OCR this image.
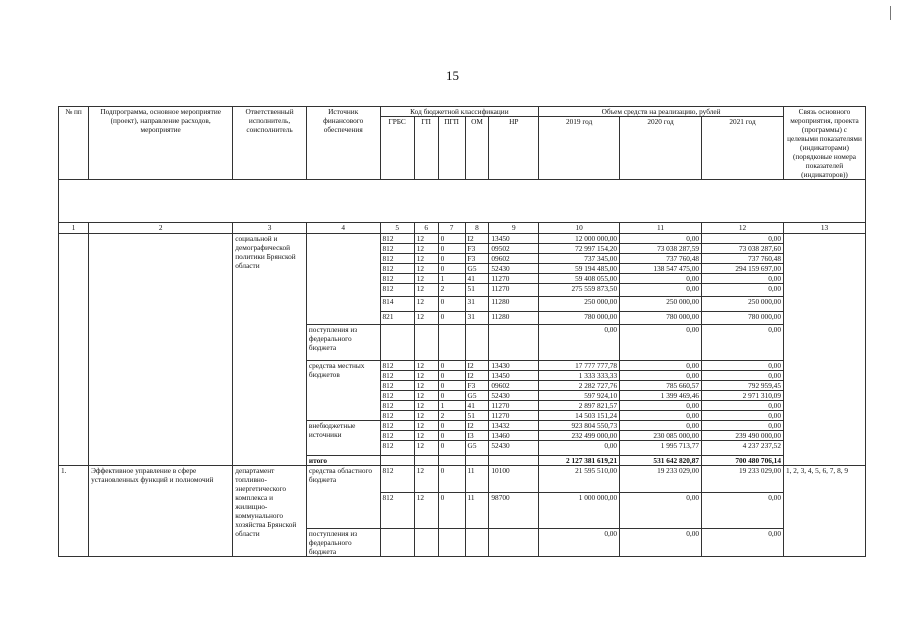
15
№ пп	Подпрограмма, основное мероприятие (проект), направление расходов, мероприятие	Ответственный исполнитель, соисполнитель	Источник финансового обеспечения	Код бюджетной классификации					Объем средств на реализацию, рублей			Связь основного мероприятия, проекта (программы) с целевыми показателями (индикаторами) (порядковые номера показателей (индикаторов))

				ГРБС	ГП	ПГП	ОМ	НР	2019 год	2020 год	2021 год	

1	2	3	4	5	6	7	8	9	10	11	12	13
		социальной и демографической политики Брянской области		812	12	0	I2	13450	12 000 000,00	0,00	0,00	
				812	12	0	F3	09502	72 997 154,20	73 038 287,59	73 038 287,60	
				812	12	0	F3	09602	737 345,00	737 760,48	737 760,48	
				812	12	0	G5	52430	59 194 485,00	138 547 475,00	294 159 697,00	
				812	12	1	41	11270	59 408 055,00	0,00	0,00	
				812	12	2	51	11270	275 559 873,50	0,00	0,00	
				814	12	0	31	11280	250 000,00	250 000,00	250 000,00	
				821	12	0	31	11280	780 000,00	780 000,00	780 000,00	
			поступления из федерального бюджета						0,00	0,00	0,00	
			средства местных бюджетов	812	12	0	I2	13430	17 777 777,78	0,00	0,00	
				812	12	0	I2	13450	1 333 333,33	0,00	0,00	
				812	12	0	F3	09602	2 282 727,76	785 660,57	792 959,45	
				812	12	0	G5	52430	597 924,10	1 399 469,46	2 971 310,09	
				812	12	1	41	11270	2 897 821,57	0,00	0,00	
				812	12	2	51	11270	14 503 151,24	0,00	0,00	
			внебюджетные источники	812	12	0	I2	13432	923 804 550,73	0,00	0,00	
				812	12	0	I3	13460	232 499 000,00	230 085 000,00	239 490 000,00	
				812	12	0	G5	52430	0,00	1 995 713,77	4 237 237,52	
			итого						2 127 381 619,21	531 642 820,87	700 480 706,14	
1.	Эффективное управление в сфере установленных функций и полномочий	департамент топливно-энергетического комплекса и жилищно-коммунального хозяйства Брянской области	средства областного бюджета	812	12	0	11	10100	21 595 510,00	19 233 029,00	19 233 029,00	1, 2, 3, 4, 5, 6, 7, 8, 9
				812	12	0	11	98700	1 000 000,00	0,00	0,00	
			поступления из федерального бюджета						0,00	0,00	0,00	
